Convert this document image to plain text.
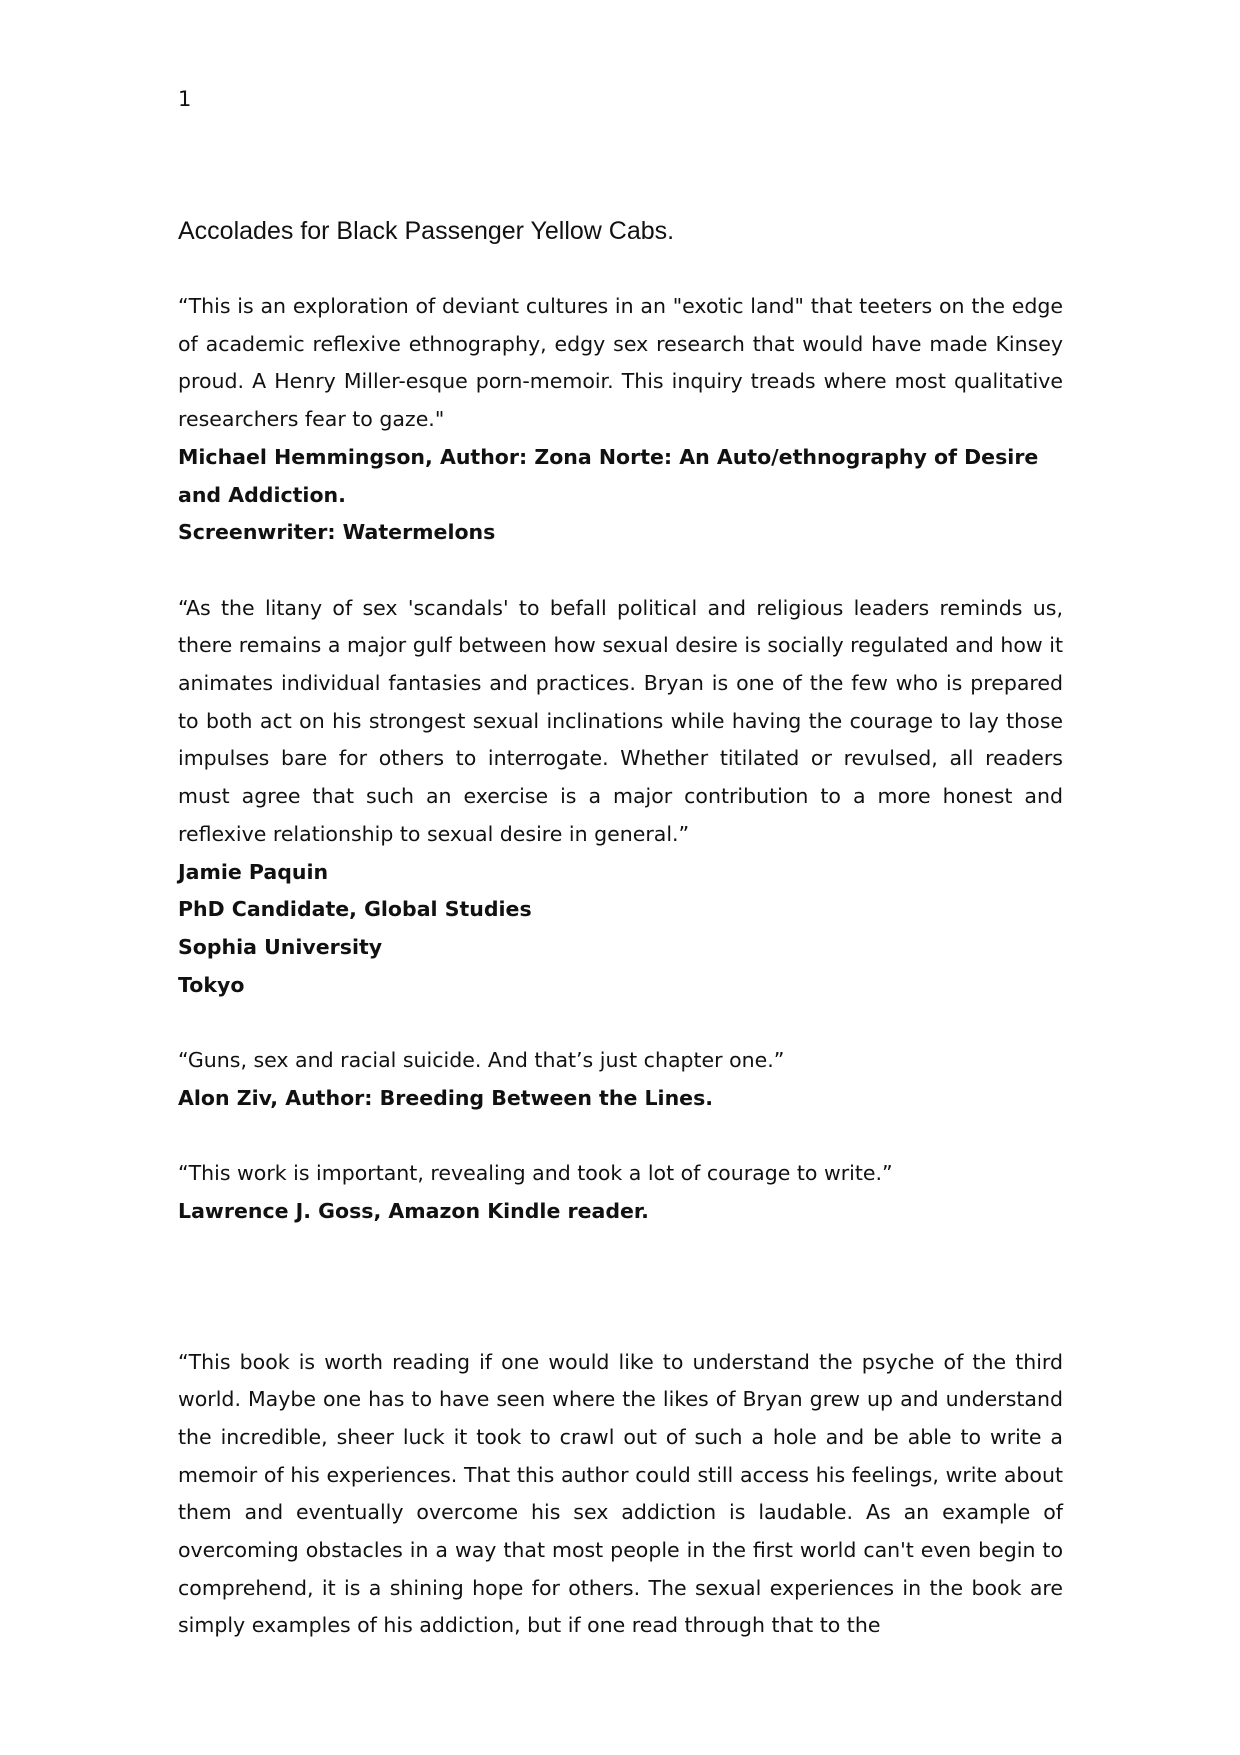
1
Accolades for Black Passenger Yellow Cabs.

“This is an exploration of deviant cultures in an "exotic land" that teeters on the edge of academic reflexive ethnography, edgy sex research that would have made Kinsey proud. A Henry Miller-esque porn-memoir. This inquiry treads where most qualitative researchers fear to gaze."

Michael Hemmingson, Author: Zona Norte: An Auto/ethnography of Desire and Addiction.

Screenwriter: Watermelons

“As the litany of sex 'scandals' to befall political and religious leaders reminds us, there remains a major gulf between how sexual desire is socially regulated and how it animates individual fantasies and practices. Bryan is one of the few who is prepared to both act on his strongest sexual inclinations while having the courage to lay those impulses bare for others to interrogate. Whether titilated or revulsed, all readers must agree that such an exercise is a major contribution to a more honest and reflexive relationship to sexual desire in general.”

Jamie Paquin

PhD Candidate, Global Studies

Sophia University

Tokyo

“Guns, sex and racial suicide. And that’s just chapter one.”

Alon Ziv, Author: Breeding Between the Lines.

“This work is important, revealing and took a lot of courage to write.”

Lawrence J. Goss, Amazon Kindle reader.

“This book is worth reading if one would like to understand the psyche of the third world. Maybe one has to have seen where the likes of Bryan grew up and understand the incredible, sheer luck it took to crawl out of such a hole and be able to write a memoir of his experiences. That this author could still access his feelings, write about them and eventually overcome his sex addiction is laudable. As an example of overcoming obstacles in a way that most people in the first world can't even begin to comprehend, it is a shining hope for others. The sexual experiences in the book are simply examples of his addiction, but if one read through that to the
